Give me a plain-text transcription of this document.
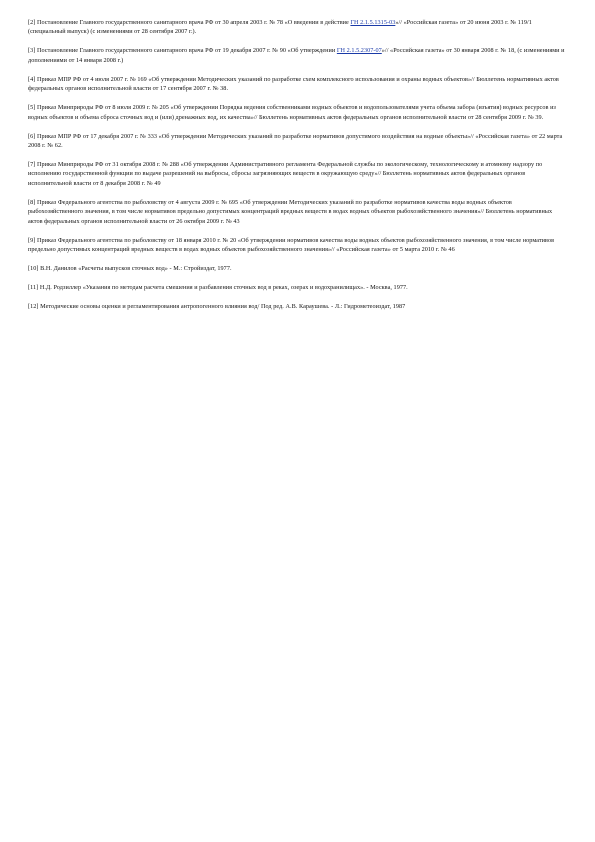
[2] Постановление Главного государственного санитарного врача РФ от 30 апреля 2003 г. № 78 «О введении в действие ГН 2.1.5.1315-03»// «Российская газета» от 20 июня 2003 г. № 119/1 (специальный выпуск) (с изменениями от 28 сентября 2007 г.).

[3] Постановление Главного государственного санитарного врача РФ от 19 декабря 2007 г. № 90 «Об утверждении ГН 2.1.5.2307-07»// «Российская газета» от 30 января 2008 г. № 18, (с изменениями и дополнениями от 14 января 2008 г.)

[4] Приказ МПР РФ от 4 июля 2007 г. № 169 «Об утверждении Методических указаний по разработке схем комплексного использования и охраны водных объектов»// Бюллетень нормативных актов федеральных органов исполнительной власти от 17 сентября 2007 г. № 38.

[5] Приказ Минприроды РФ от 8 июля 2009 г. № 205 «Об утверждении Порядка ведения собственниками водных объектов и водопользователями учета объема забора (изъятия) водных ресурсов из водных объектов и объема сброса сточных вод и (или) дренажных вод, их качества»// Бюллетень нормативных актов федеральных органов исполнительной власти от 28 сентября 2009 г. № 39.

[6] Приказ МПР РФ от 17 декабря 2007 г. № 333 «Об утверждении Методических указаний по разработке нормативов допустимого воздействия на водные объекты»// «Российская газета» от 22 марта 2008 г. № 62.

[7] Приказ Минприроды РФ от 31 октября 2008 г. № 288 «Об утверждении Административного регламента Федеральной службы по экологическому, технологическому и атомному надзору по исполнению государственной функции по выдаче разрешений на выбросы, сбросы загрязняющих веществ в окружающую среду»// Бюллетень нормативных актов федеральных органов исполнительной власти от 8 декабря 2008 г. № 49

[8] Приказ Федерального агентства по рыболовству от 4 августа 2009 г. № 695 «Об утверждении Методических указаний по разработке нормативов качества воды водных объектов рыбохозяйственного значения, в том числе нормативов предельно допустимых концентраций вредных веществ в водах водных объектов рыбохозяйственного значения»// Бюллетень нормативных актов федеральных органов исполнительной власти от 26 октября 2009 г. № 43

[9] Приказ Федерального агентства по рыболовству от 18 января 2010 г. № 20 «Об утверждении нормативов качества воды водных объектов рыбохозяйственного значения, в том числе нормативов предельно допустимых концентраций вредных веществ в водах водных объектов рыбохозяйственного значения»// «Российская газета» от 5 марта 2010 г. № 46

[10] В.Н. Данилов «Расчеты выпусков сточных вод» - М.: Стройиздат, 1977.

[11] Н.Д. Родзиллер «Указания по методам расчета смешения и разбавления сточных вод в реках, озерах и водохранилищах». - Москва, 1977.

[12] Методические основы оценки и регламентирования антропогенного влияния вод/ Под ред. А.В. Караушева. - Л.: Гидрометеоиздат, 1987
